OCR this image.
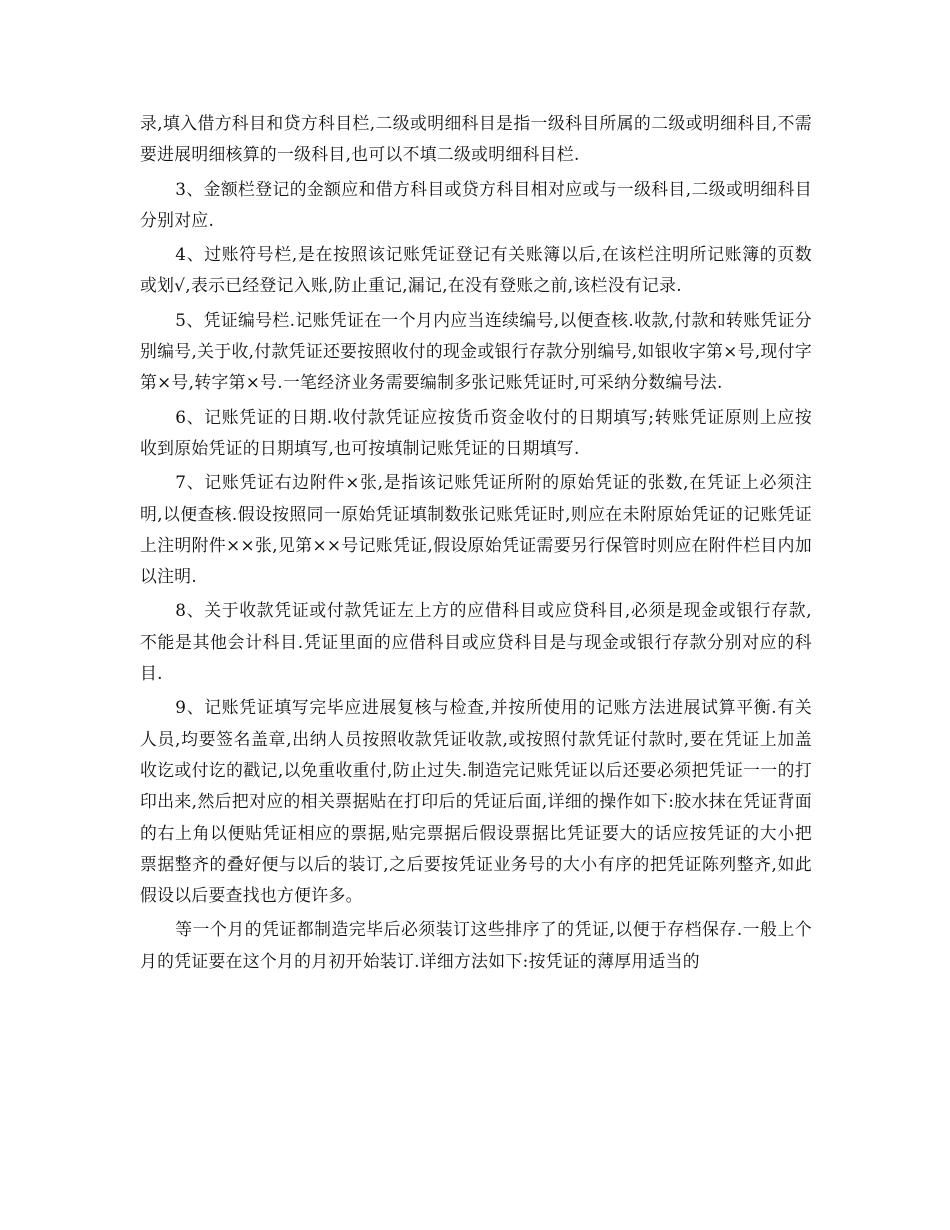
录,填入借方科目和贷方科目栏,二级或明细科目是指一级科目所属的二级或明细科目,不需要进展明细核算的一级科目,也可以不填二级或明细科目栏.

3、金额栏登记的金额应和借方科目或贷方科目相对应或与一级科目,二级或明细科目分别对应.

4、过账符号栏,是在按照该记账凭证登记有关账簿以后,在该栏注明所记账簿的页数或划√,表示已经登记入账,防止重记,漏记,在没有登账之前,该栏没有记录.

5、凭证编号栏.记账凭证在一个月内应当连续编号,以便查核.收款,付款和转账凭证分别编号,关于收,付款凭证还要按照收付的现金或银行存款分别编号,如银收字第×号,现付字第×号,转字第×号.一笔经济业务需要编制多张记账凭证时,可采纳分数编号法.

6、记账凭证的日期.收付款凭证应按货币资金收付的日期填写;转账凭证原则上应按收到原始凭证的日期填写,也可按填制记账凭证的日期填写.

7、记账凭证右边附件×张,是指该记账凭证所附的原始凭证的张数,在凭证上必须注明,以便查核.假设按照同一原始凭证填制数张记账凭证时,则应在未附原始凭证的记账凭证上注明附件××张,见第××号记账凭证,假设原始凭证需要另行保管时则应在附件栏目内加以注明.

8、关于收款凭证或付款凭证左上方的应借科目或应贷科目,必须是现金或银行存款,不能是其他会计科目.凭证里面的应借科目或应贷科目是与现金或银行存款分别对应的科目.

9、记账凭证填写完毕应进展复核与检查,并按所使用的记账方法进展试算平衡.有关人员,均要签名盖章,出纳人员按照收款凭证收款,或按照付款凭证付款时,要在凭证上加盖收讫或付讫的戳记,以免重收重付,防止过失.制造完记账凭证以后还要必须把凭证一一的打印出来,然后把对应的相关票据贴在打印后的凭证后面,详细的操作如下:胶水抹在凭证背面的右上角以便贴凭证相应的票据,贴完票据后假设票据比凭证要大的话应按凭证的大小把票据整齐的叠好便与以后的装订,之后要按凭证业务号的大小有序的把凭证陈列整齐,如此假设以后要查找也方便许多。

等一个月的凭证都制造完毕后必须装订这些排序了的凭证,以便于存档保存.一般上个月的凭证要在这个月的月初开始装订.详细方法如下:按凭证的薄厚用适当的
